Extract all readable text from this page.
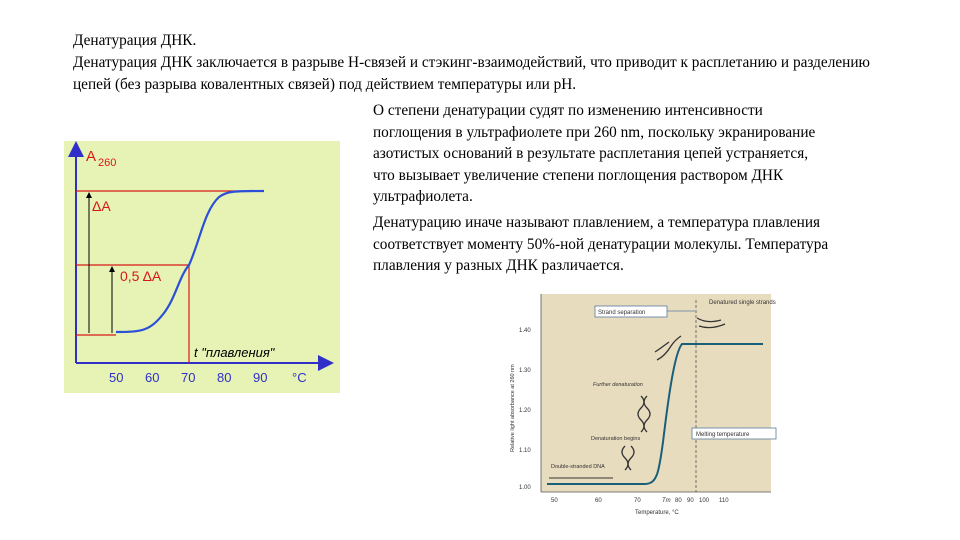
Денатурация ДНК.

Денатурация ДНК заключается в разрыве Н-связей и стэкинг-взаимодействий, что приводит к расплетанию и разделению цепей (без разрыва ковалентных связей) под действием температуры или рН.

О степени денатурации судят по изменению интенсивности поглощения в ультрафиолете при 260 nm, поскольку экранирование азотистых оснований в результате расплетания цепей устраняется, что вызывает увеличение степени поглощения раствором ДНК ультрафиолета.

Денатурацию иначе называют плавлением, а температура плавления соответствует моменту 50%-ной денатурации молекулы. Температура плавления у разных ДНК различается.

A 260
ΔA
0,5 ΔA
t "плавления"
50 60 70 80 90 °C	Relative light absorbance at 260 nm
1.40
1.30
1.20
1.10
1.00
50	60	70	80 90 100 110
Tm
Temperature, °C
Strand separation
Denatured single strands
Further denaturation
Denaturation begins
Double-stranded DNA
Melting temperature
